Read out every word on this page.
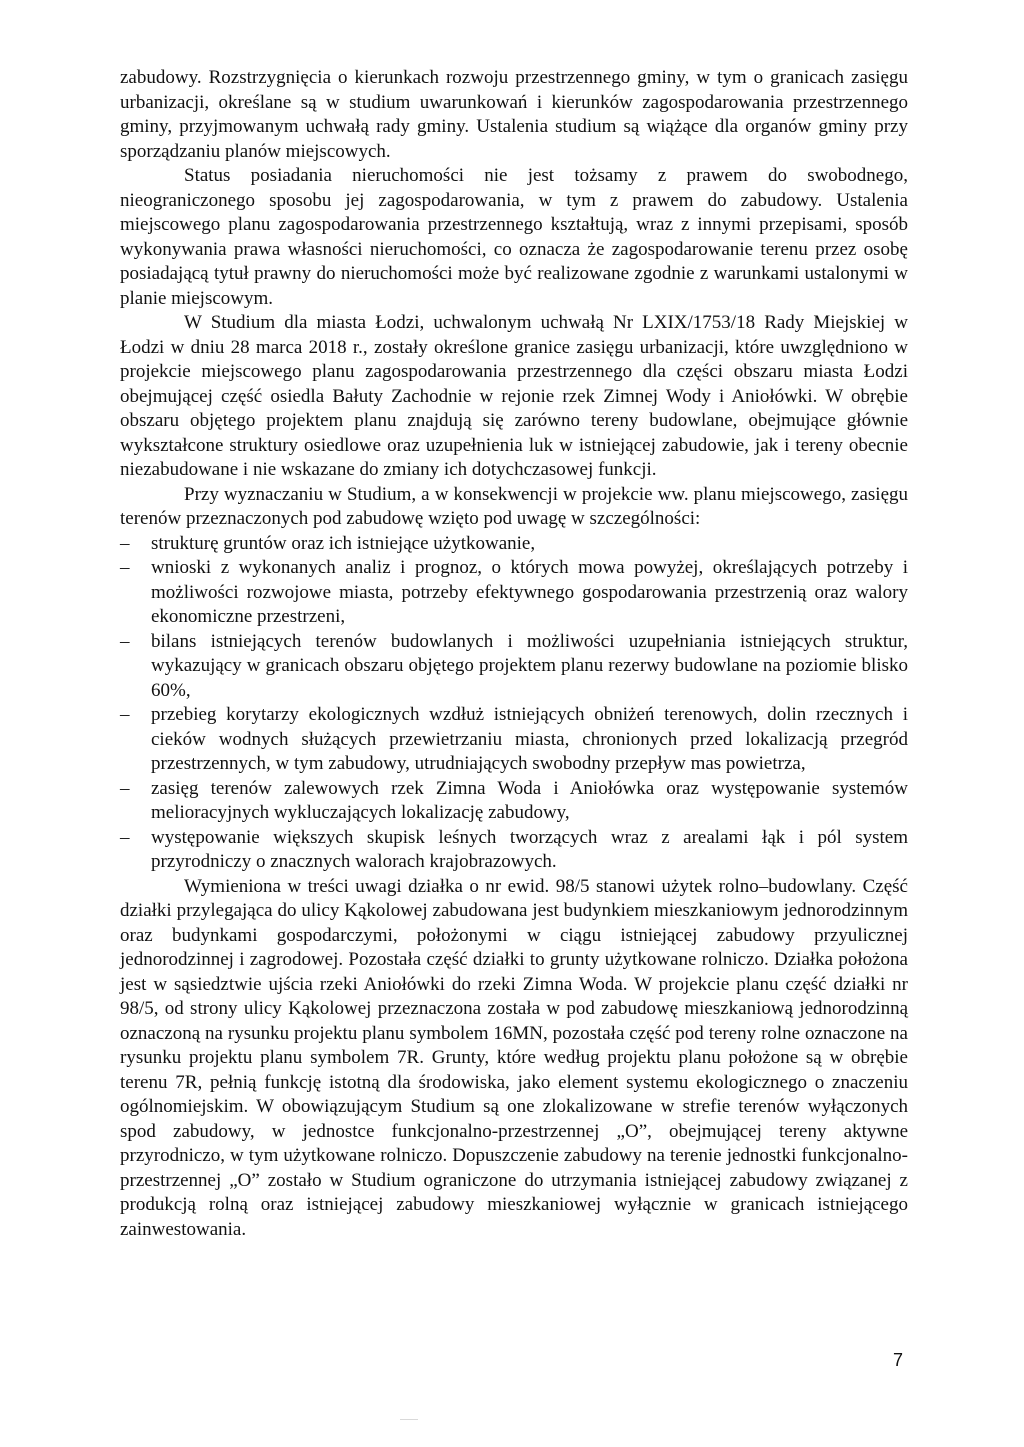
zabudowy. Rozstrzygnięcia o kierunkach rozwoju przestrzennego gminy, w tym o granicach zasięgu urbanizacji, określane są w studium uwarunkowań i kierunków zagospodarowania przestrzennego gminy, przyjmowanym uchwałą rady gminy. Ustalenia studium są wiążące dla organów gminy przy sporządzaniu planów miejscowych.

Status posiadania nieruchomości nie jest tożsamy z prawem do swobodnego, nieograniczonego sposobu jej zagospodarowania, w tym z prawem do zabudowy. Ustalenia miejscowego planu zagospodarowania przestrzennego kształtują, wraz z innymi przepisami, sposób wykonywania prawa własności nieruchomości, co oznacza że zagospodarowanie terenu przez osobę posiadającą tytuł prawny do nieruchomości może być realizowane zgodnie z warunkami ustalonymi w planie miejscowym.

W Studium dla miasta Łodzi, uchwalonym uchwałą Nr LXIX/1753/18 Rady Miejskiej w Łodzi w dniu 28 marca 2018 r., zostały określone granice zasięgu urbanizacji, które uwzględniono w projekcie miejscowego planu zagospodarowania przestrzennego dla części obszaru miasta Łodzi obejmującej część osiedla Bałuty Zachodnie w rejonie rzek Zimnej Wody i Aniołówki. W obrębie obszaru objętego projektem planu znajdują się zarówno tereny budowlane, obejmujące głównie wykształcone struktury osiedlowe oraz uzupełnienia luk w istniejącej zabudowie, jak i tereny obecnie niezabudowane i nie wskazane do zmiany ich dotychczasowej funkcji.

Przy wyznaczaniu w Studium, a w konsekwencji w projekcie ww. planu miejscowego, zasięgu terenów przeznaczonych pod zabudowę wzięto pod uwagę w szczególności:

– strukturę gruntów oraz ich istniejące użytkowanie,
– wnioski z wykonanych analiz i prognoz, o których mowa powyżej, określających potrzeby i możliwości rozwojowe miasta, potrzeby efektywnego gospodarowania przestrzenią oraz walory ekonomiczne przestrzeni,
– bilans istniejących terenów budowlanych i możliwości uzupełniania istniejących struktur, wykazujący w granicach obszaru objętego projektem planu rezerwy budowlane na poziomie blisko 60%,
– przebieg korytarzy ekologicznych wzdłuż istniejących obniżeń terenowych, dolin rzecznych i cieków wodnych służących przewietrzaniu miasta, chronionych przed lokalizacją przegród przestrzennych, w tym zabudowy, utrudniających swobodny przepływ mas powietrza,
– zasięg terenów zalewowych rzek Zimna Woda i Aniołówka oraz występowanie systemów melioracyjnych wykluczających lokalizację zabudowy,
– występowanie większych skupisk leśnych tworzących wraz z arealami łąk i pól system przyrodniczy o znacznych walorach krajobrazowych.

Wymieniona w treści uwagi działka o nr ewid. 98/5 stanowi użytek rolno–budowlany. Część działki przylegająca do ulicy Kąkolowej zabudowana jest budynkiem mieszkaniowym jednorodzinnym oraz budynkami gospodarczymi, położonymi w ciągu istniejącej zabudowy przyulicznej jednorodzinnej i zagrodowej. Pozostała część działki to grunty użytkowane rolniczo. Działka położona jest w sąsiedztwie ujścia rzeki Aniołówki do rzeki Zimna Woda. W projekcie planu część działki nr 98/5, od strony ulicy Kąkolowej przeznaczona została w pod zabudowę mieszkaniową jednorodzinną oznaczoną na rysunku projektu planu symbolem 16MN, pozostała część pod tereny rolne oznaczone na rysunku projektu planu symbolem 7R. Grunty, które według projektu planu położone są w obrębie terenu 7R, pełnią funkcję istotną dla środowiska, jako element systemu ekologicznego o znaczeniu ogólnomiejskim. W obowiązującym Studium są one zlokalizowane w strefie terenów wyłączonych spod zabudowy, w jednostce funkcjonalno-przestrzennej „O”, obejmującej tereny aktywne przyrodniczo, w tym użytkowane rolniczo. Dopuszczenie zabudowy na terenie jednostki funkcjonalno-przestrzennej „O” zostało w Studium ograniczone do utrzymania istniejącej zabudowy związanej z produkcją rolną oraz istniejącej zabudowy mieszkaniowej wyłącznie w granicach istniejącego zainwestowania.

7
